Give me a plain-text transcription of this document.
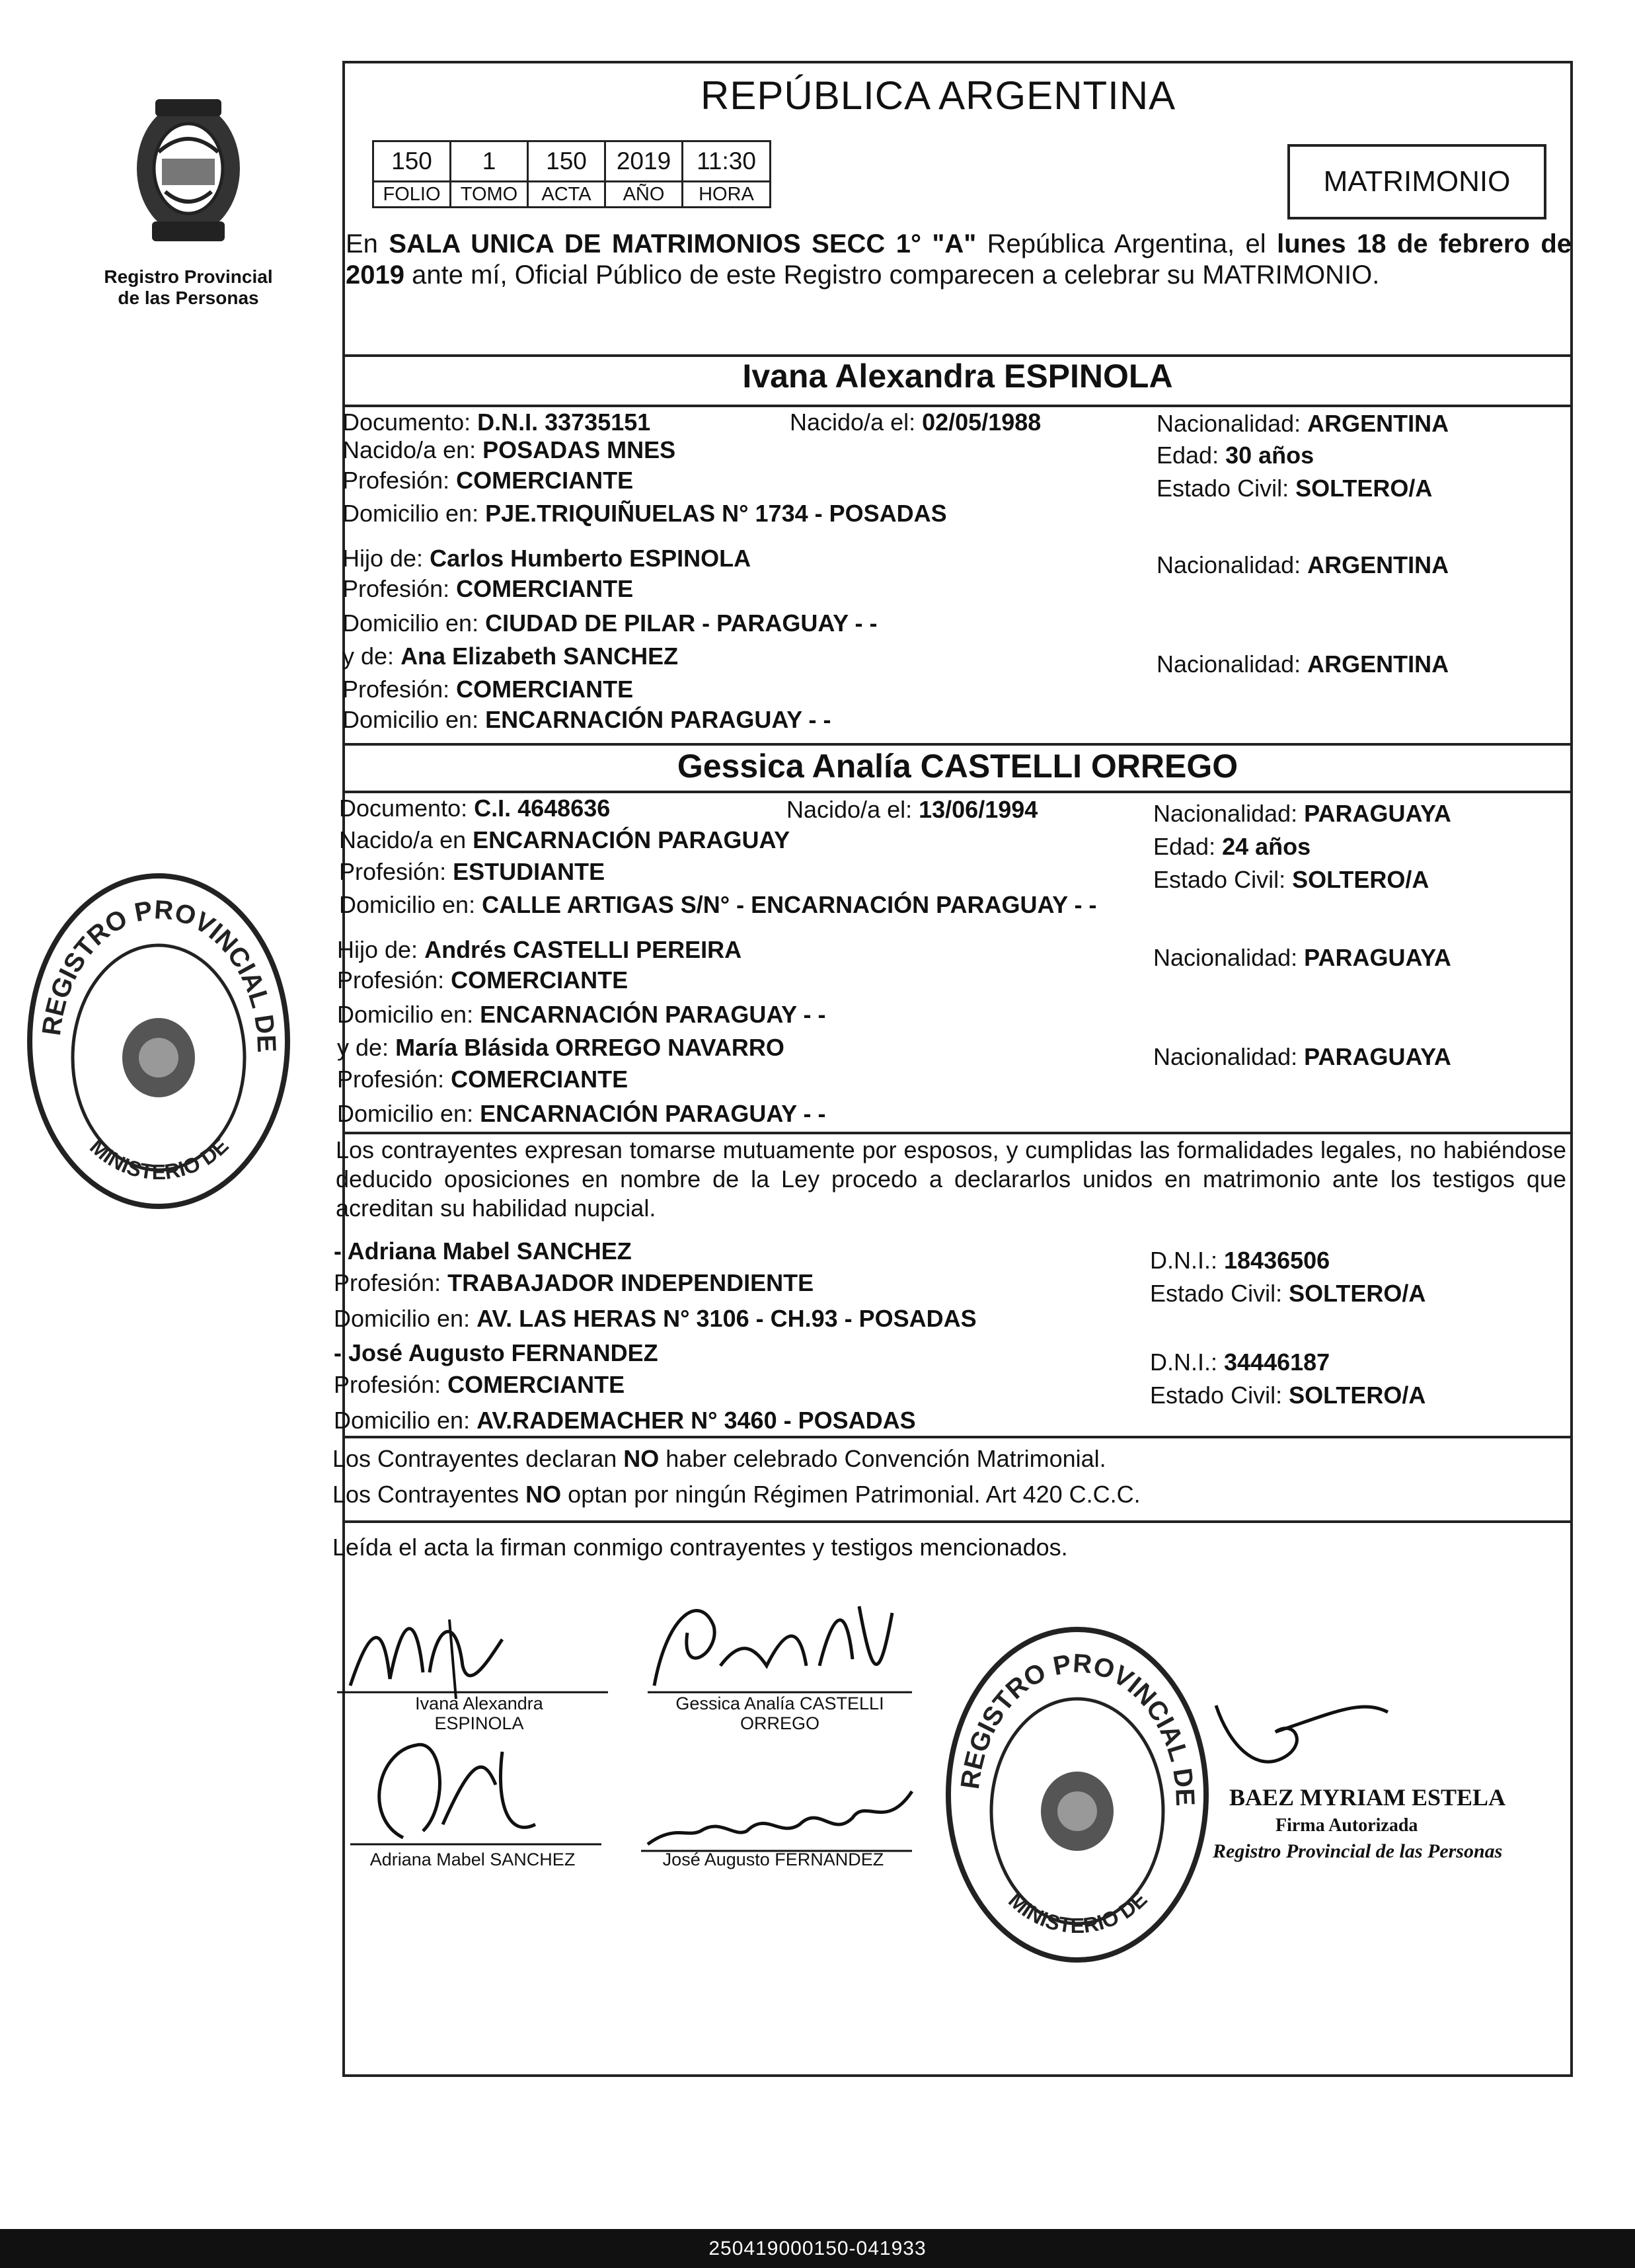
Registro Provincial de las Personas
REGISTRO PROVINCIAL DE
MINISTERIO DE
REPÚBLICA ARGENTINA
150	1	150	2019	11:30
FOLIO	TOMO	ACTA	AÑO	HORA	MATRIMONIO
En SALA UNICA DE MATRIMONIOS SECC 1° "A" República Argentina, el lunes 18 de febrero de 2019 ante mí, Oficial Público de este Registro comparecen a celebrar su MATRIMONIO.
Ivana Alexandra ESPINOLA
Documento: D.N.I. 33735151	Nacido/a el: 02/05/1988	Nacionalidad: ARGENTINA
Nacido/a en: POSADAS MNES	Edad: 30 años
Profesión: COMERCIANTE	Estado Civil: SOLTERO/A
Domicilio en: PJE.TRIQUIÑUELAS N° 1734 - POSADAS
Hijo de: Carlos Humberto ESPINOLA	Nacionalidad: ARGENTINA
Profesión: COMERCIANTE
Domicilio en: CIUDAD DE PILAR - PARAGUAY - -
y de: Ana Elizabeth SANCHEZ	Nacionalidad: ARGENTINA
Profesión: COMERCIANTE
Domicilio en: ENCARNACIÓN PARAGUAY - -
Gessica Analía CASTELLI ORREGO
Documento: C.I. 4648636	Nacido/a el: 13/06/1994	Nacionalidad: PARAGUAYA
Nacido/a en ENCARNACIÓN PARAGUAY	Edad: 24 años
Profesión: ESTUDIANTE	Estado Civil: SOLTERO/A
Domicilio en: CALLE ARTIGAS S/N° - ENCARNACIÓN PARAGUAY - -
Hijo de: Andrés CASTELLI PEREIRA	Nacionalidad: PARAGUAYA
Profesión: COMERCIANTE
Domicilio en: ENCARNACIÓN PARAGUAY - -
y de: María Blásida ORREGO NAVARRO	Nacionalidad: PARAGUAYA
Profesión: COMERCIANTE
Domicilio en: ENCARNACIÓN PARAGUAY - -
Los contrayentes expresan tomarse mutuamente por esposos, y cumplidas las formalidades legales, no habiéndose deducido oposiciones en nombre de la Ley procedo a declararlos unidos en matrimonio ante los testigos que acreditan su habilidad nupcial.
- Adriana Mabel SANCHEZ	D.N.I.: 18436506
Profesión: TRABAJADOR INDEPENDIENTE	Estado Civil: SOLTERO/A
Domicilio en: AV. LAS HERAS N° 3106 - CH.93 - POSADAS
- José Augusto FERNANDEZ	D.N.I.: 34446187
Profesión: COMERCIANTE	Estado Civil: SOLTERO/A
Domicilio en: AV.RADEMACHER N° 3460 - POSADAS
Los Contrayentes declaran NO haber celebrado Convención Matrimonial.
Los Contrayentes NO optan por ningún Régimen Patrimonial. Art 420 C.C.C.
Leída el acta la firman conmigo contrayentes y testigos mencionados.
Ivana Alexandra ESPINOLA
Gessica Analía CASTELLI ORREGO
Adriana Mabel SANCHEZ	José Augusto FERNANDEZ
REGISTRO PROVINCIAL DE
MINISTERIO DE
BAEZ MYRIAM ESTELA
Firma Autorizada
Registro Provincial de las Personas
250419000150-041933
